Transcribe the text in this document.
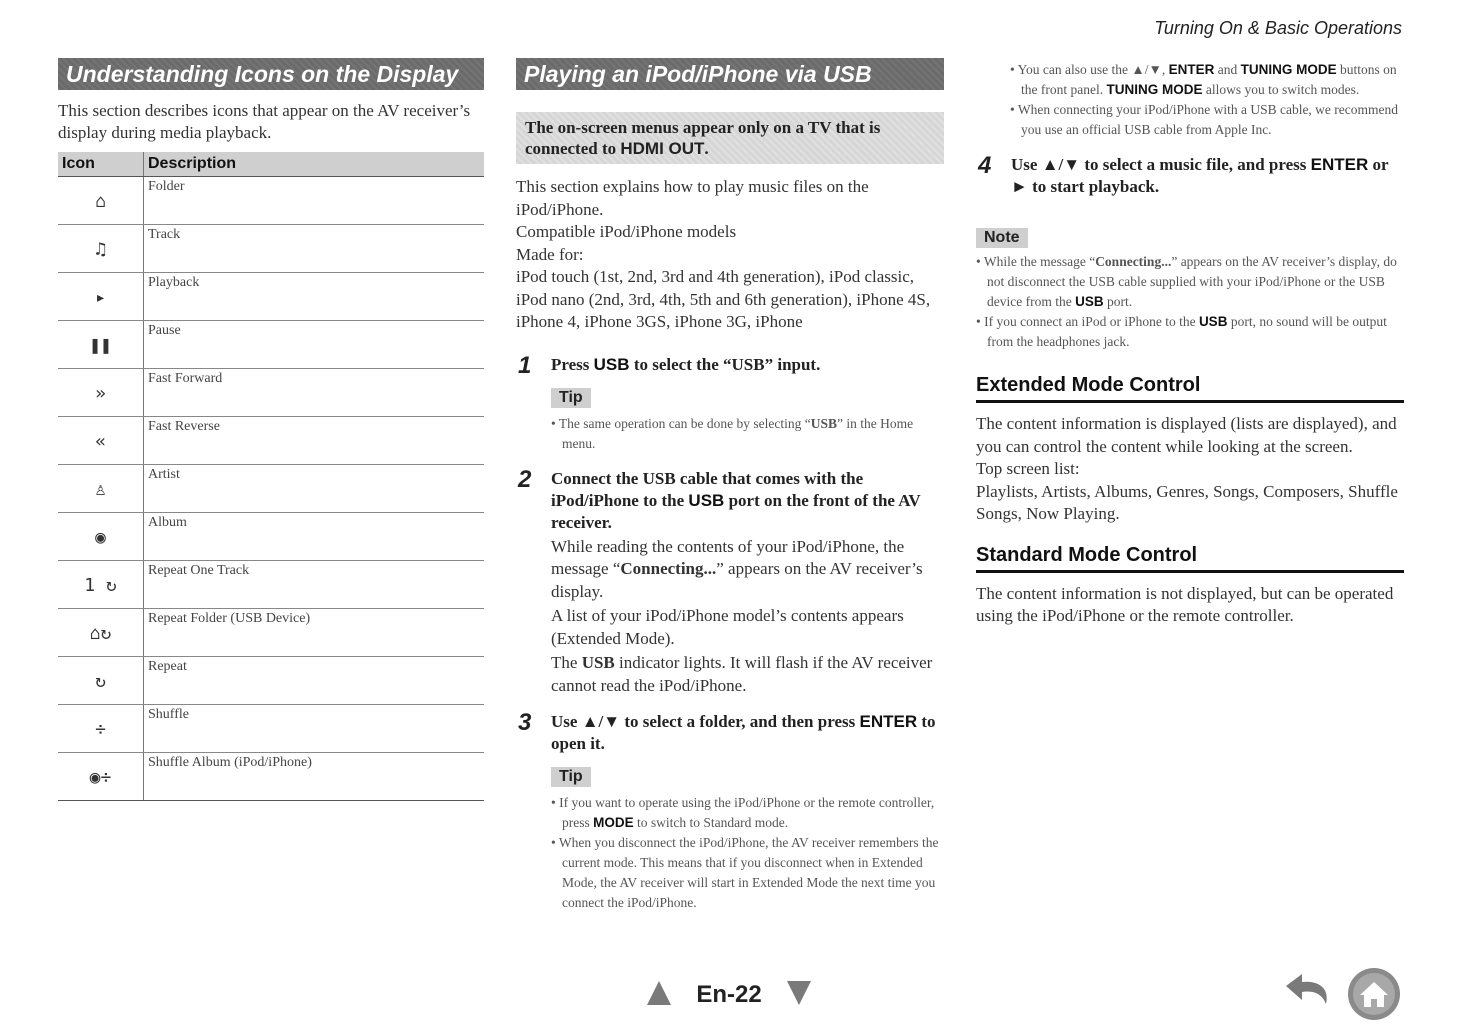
Turning On & Basic Operations
Understanding Icons on the Display
This section describes icons that appear on the AV receiver’s display during media playback.
Icon	Description
⌂	Folder
♫	Track
▸	Playback
❚❚	Pause
»	Fast Forward
«	Fast Reverse
♙	Artist
◉	Album
1 ↻	Repeat One Track
⌂↻	Repeat Folder (USB Device)
↻	Repeat
÷	Shuffle
◉÷	Shuffle Album (iPod/iPhone)
Playing an iPod/iPhone via USB
The on-screen menus appear only on a TV that is connected to HDMI OUT.
This section explains how to play music files on the iPod/iPhone.
Compatible iPod/iPhone models
Made for:
iPod touch (1st, 2nd, 3rd and 4th generation), iPod classic, iPod nano (2nd, 3rd, 4th, 5th and 6th generation), iPhone 4S, iPhone 4, iPhone 3GS, iPhone 3G, iPhone
1 Press USB to select the “USB” input.
Tip
• The same operation can be done by selecting “USB” in the Home menu.
2 Connect the USB cable that comes with the iPod/iPhone to the USB port on the front of the AV receiver.
While reading the contents of your iPod/iPhone, the message “Connecting...” appears on the AV receiver’s display.
A list of your iPod/iPhone model’s contents appears (Extended Mode).
The USB indicator lights. It will flash if the AV receiver cannot read the iPod/iPhone.
3 Use ▲/▼ to select a folder, and then press ENTER to open it.
Tip
• If you want to operate using the iPod/iPhone or the remote controller, press MODE to switch to Standard mode.
• When you disconnect the iPod/iPhone, the AV receiver remembers the current mode. This means that if you disconnect when in Extended Mode, the AV receiver will start in Extended Mode the next time you connect the iPod/iPhone.
• You can also use the ▲/▼, ENTER and TUNING MODE buttons on the front panel. TUNING MODE allows you to switch modes.
• When connecting your iPod/iPhone with a USB cable, we recommend you use an official USB cable from Apple Inc.
4 Use ▲/▼ to select a music file, and press ENTER or ► to start playback.
Note
• While the message “Connecting...” appears on the AV receiver’s display, do not disconnect the USB cable supplied with your iPod/iPhone or the USB device from the USB port.
• If you connect an iPod or iPhone to the USB port, no sound will be output from the headphones jack.
Extended Mode Control
The content information is displayed (lists are displayed), and you can control the content while looking at the screen.
Top screen list:
Playlists, Artists, Albums, Genres, Songs, Composers, Shuffle Songs, Now Playing.
Standard Mode Control
The content information is not displayed, but can be operated using the iPod/iPhone or the remote controller.
En-22
